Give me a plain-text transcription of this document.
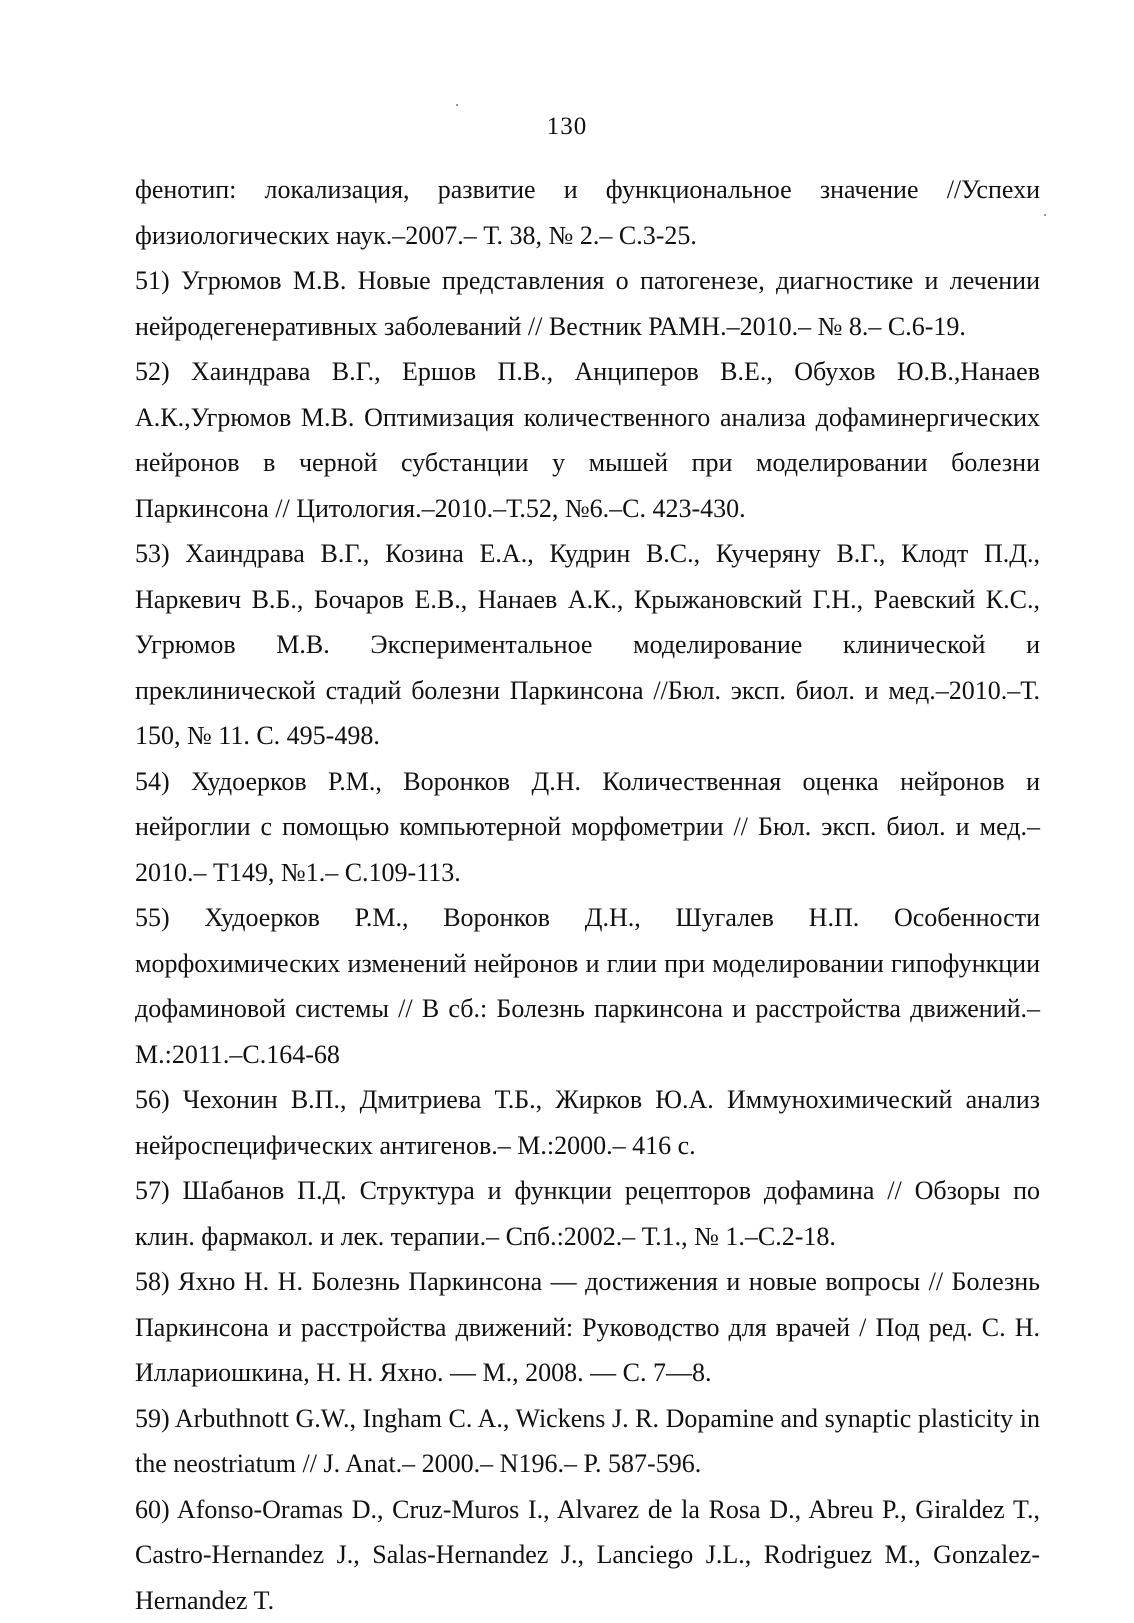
130

фенотип: локализация, развитие и функциональное значение //Успехи физиологических наук.–2007.– Т. 38, № 2.– С.3-25.

51) Угрюмов М.В. Новые представления о патогенезе, диагностике и лечении нейродегенеративных заболеваний // Вестник РАМН.–2010.– № 8.– С.6-19.

52) Хаиндрава В.Г., Ершов П.В., Анциперов В.Е., Обухов Ю.В.,Нанаев А.К.,Угрюмов М.В. Оптимизация количественного анализа дофаминергических нейронов в черной субстанции у мышей при моделировании болезни Паркинсона // Цитология.–2010.–Т.52, №6.–С. 423-430.

53) Хаиндрава В.Г., Козина Е.А., Кудрин В.С., Кучеряну В.Г., Клодт П.Д., Наркевич В.Б., Бочаров Е.В., Нанаев А.К., Крыжановский Г.Н., Раевский К.С., Угрюмов М.В. Экспериментальное моделирование клинической и преклинической стадий болезни Паркинсона //Бюл. эксп. биол. и мед.–2010.–Т. 150, № 11. С. 495-498.

54) Худоерков Р.М., Воронков Д.Н. Количественная оценка нейронов и нейроглии с помощью компьютерной морфометрии // Бюл. эксп. биол. и мед.–2010.– Т149, №1.– С.109-113.

55) Худоерков Р.М., Воронков Д.Н., Шугалев Н.П. Особенности морфохимических изменений нейронов и глии при моделировании гипофункции дофаминовой системы // В сб.: Болезнь паркинсона и расстройства движений.– М.:2011.–С.164-68

56) Чехонин В.П., Дмитриева Т.Б., Жирков Ю.А. Иммунохимический анализ нейроспецифических антигенов.– М.:2000.– 416 с.

57) Шабанов П.Д. Структура и функции рецепторов дофамина // Обзоры по клин. фармакол. и лек. терапии.– Спб.:2002.– Т.1., № 1.–С.2-18.

58) Яхно Н. Н. Болезнь Паркинсона — достижения и новые вопросы // Болезнь Паркинсона и расстройства движений: Руководство для врачей / Под ред. С. Н. Иллариошкина, Н. Н. Яхно. — М., 2008. — С. 7—8.

59) Arbuthnott G.W., Ingham C. A., Wickens J. R. Dopamine and synaptic plasticity in the neostriatum // J. Anat.– 2000.– N196.– P. 587-596.

60) Afonso-Oramas D., Cruz-Muros I., Alvarez de la Rosa D., Abreu P., Giraldez T., Castro-Hernandez J., Salas-Hernandez J., Lanciego J.L., Rodriguez M., Gonzalez-Hernandez T.
